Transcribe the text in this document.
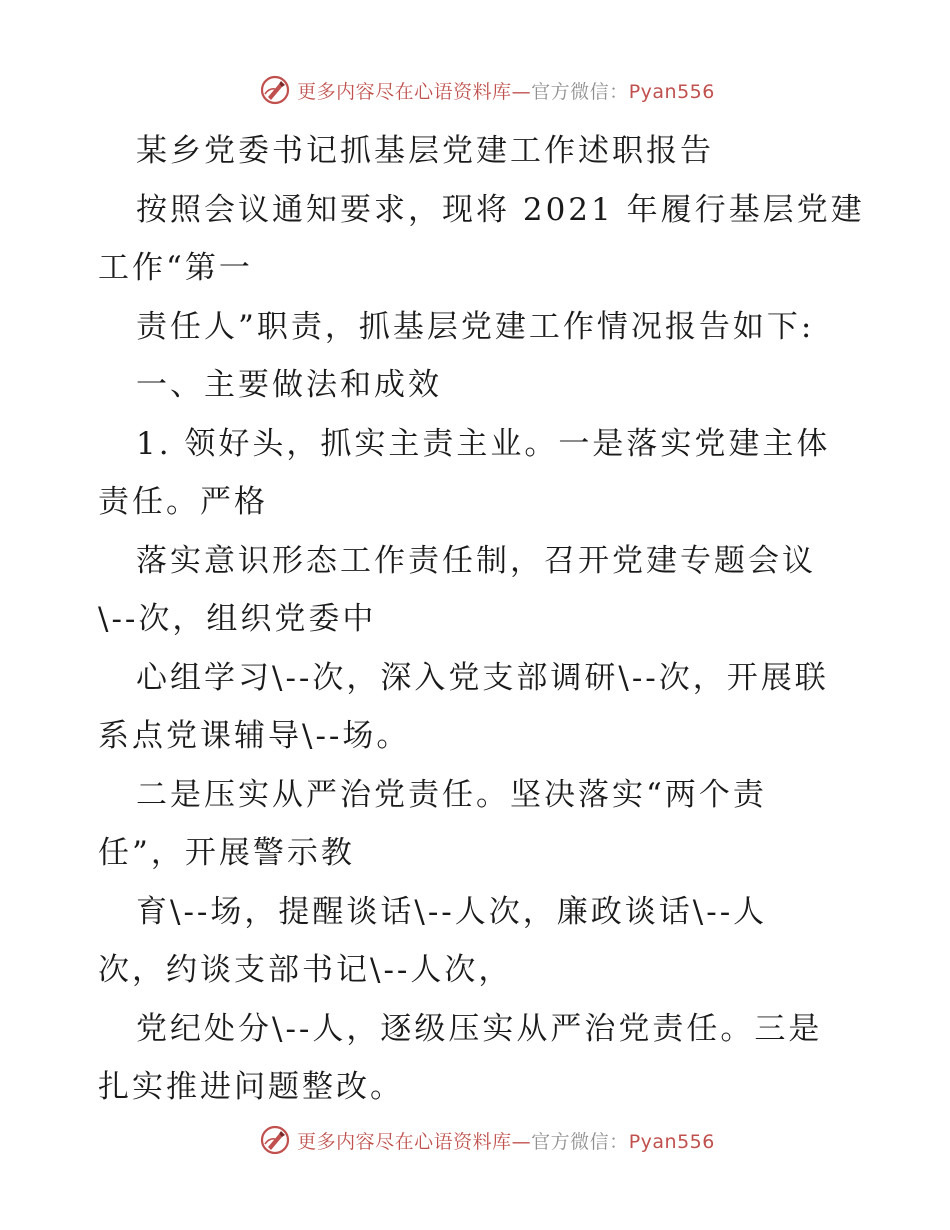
更多内容尽在心语资料库—官方微信：Pyan556
某乡党委书记抓基层党建工作述职报告
按照会议通知要求，现将 2021 年履行基层党建
工作“第一
责任人”职责，抓基层党建工作情况报告如下:
一、主要做法和成效
1. 领好头，抓实主责主业。一是落实党建主体
责任。严格
落实意识形态工作责任制，召开党建专题会议
\--次，组织党委中
心组学习\--次，深入党支部调研\--次，开展联
系点党课辅导\--场。
二是压实从严治党责任。坚决落实“两个责
任”，开展警示教
育\--场，提醒谈话\--人次，廉政谈话\--人
次，约谈支部书记\--人次，
党纪处分\--人，逐级压实从严治党责任。三是
扎实推进问题整改。
更多内容尽在心语资料库—官方微信：Pyan556
